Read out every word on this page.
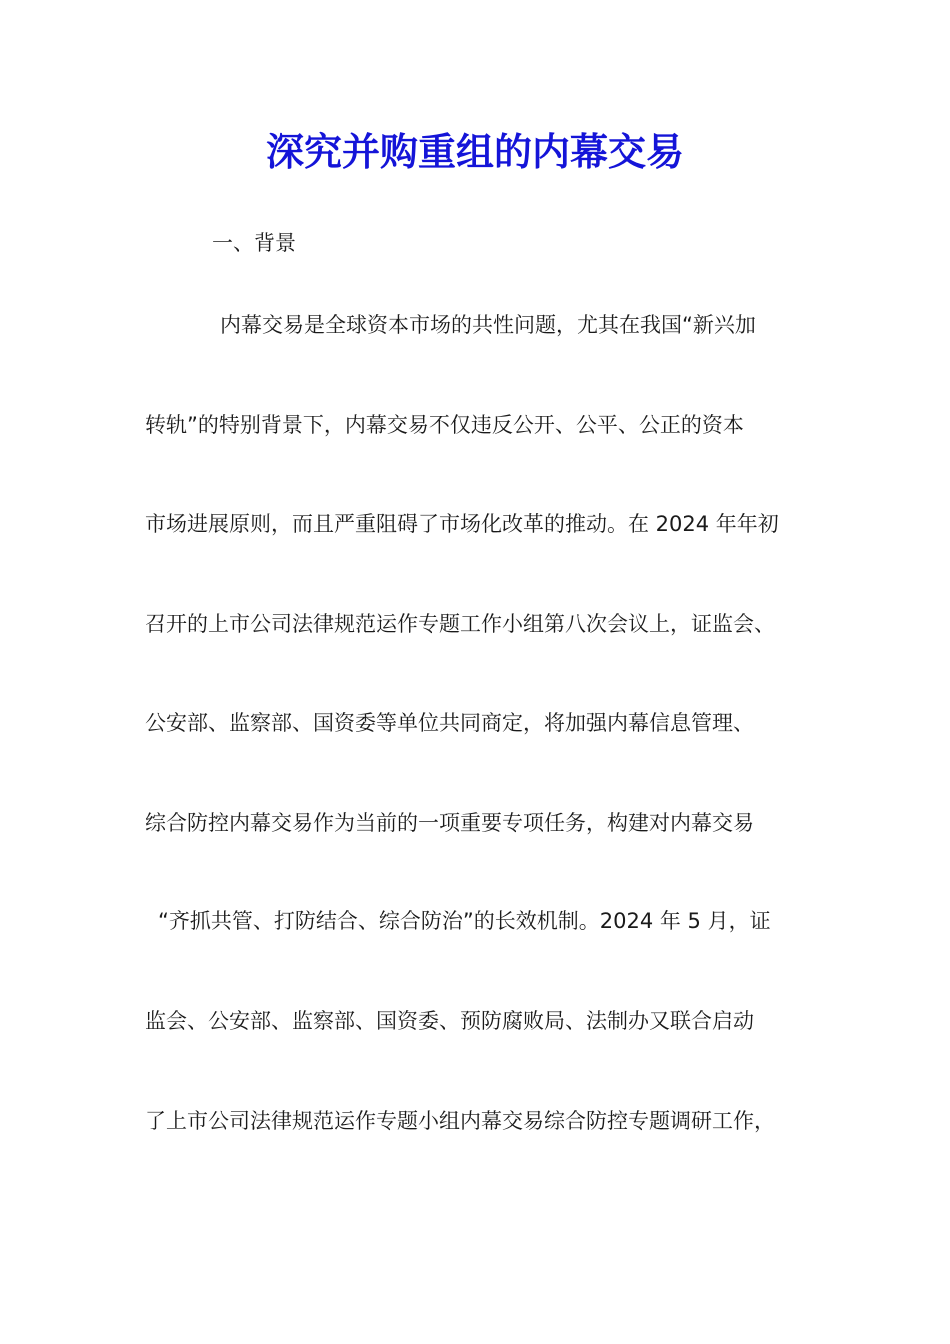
深究并购重组的内幕交易

一、背景

内幕交易是全球资本市场的共性问题，尤其在我国“新兴加

转轨”的特别背景下，内幕交易不仅违反公开、公平、公正的资本

市场进展原则，而且严重阻碍了市场化改革的推动。在 2024 年年初

召开的上市公司法律规范运作专题工作小组第八次会议上，证监会、

公安部、监察部、国资委等单位共同商定，将加强内幕信息管理、

综合防控内幕交易作为当前的一项重要专项任务，构建对内幕交易

“齐抓共管、打防结合、综合防治”的长效机制。2024 年 5 月，证

监会、公安部、监察部、国资委、预防腐败局、法制办又联合启动

了上市公司法律规范运作专题小组内幕交易综合防控专题调研工作，
